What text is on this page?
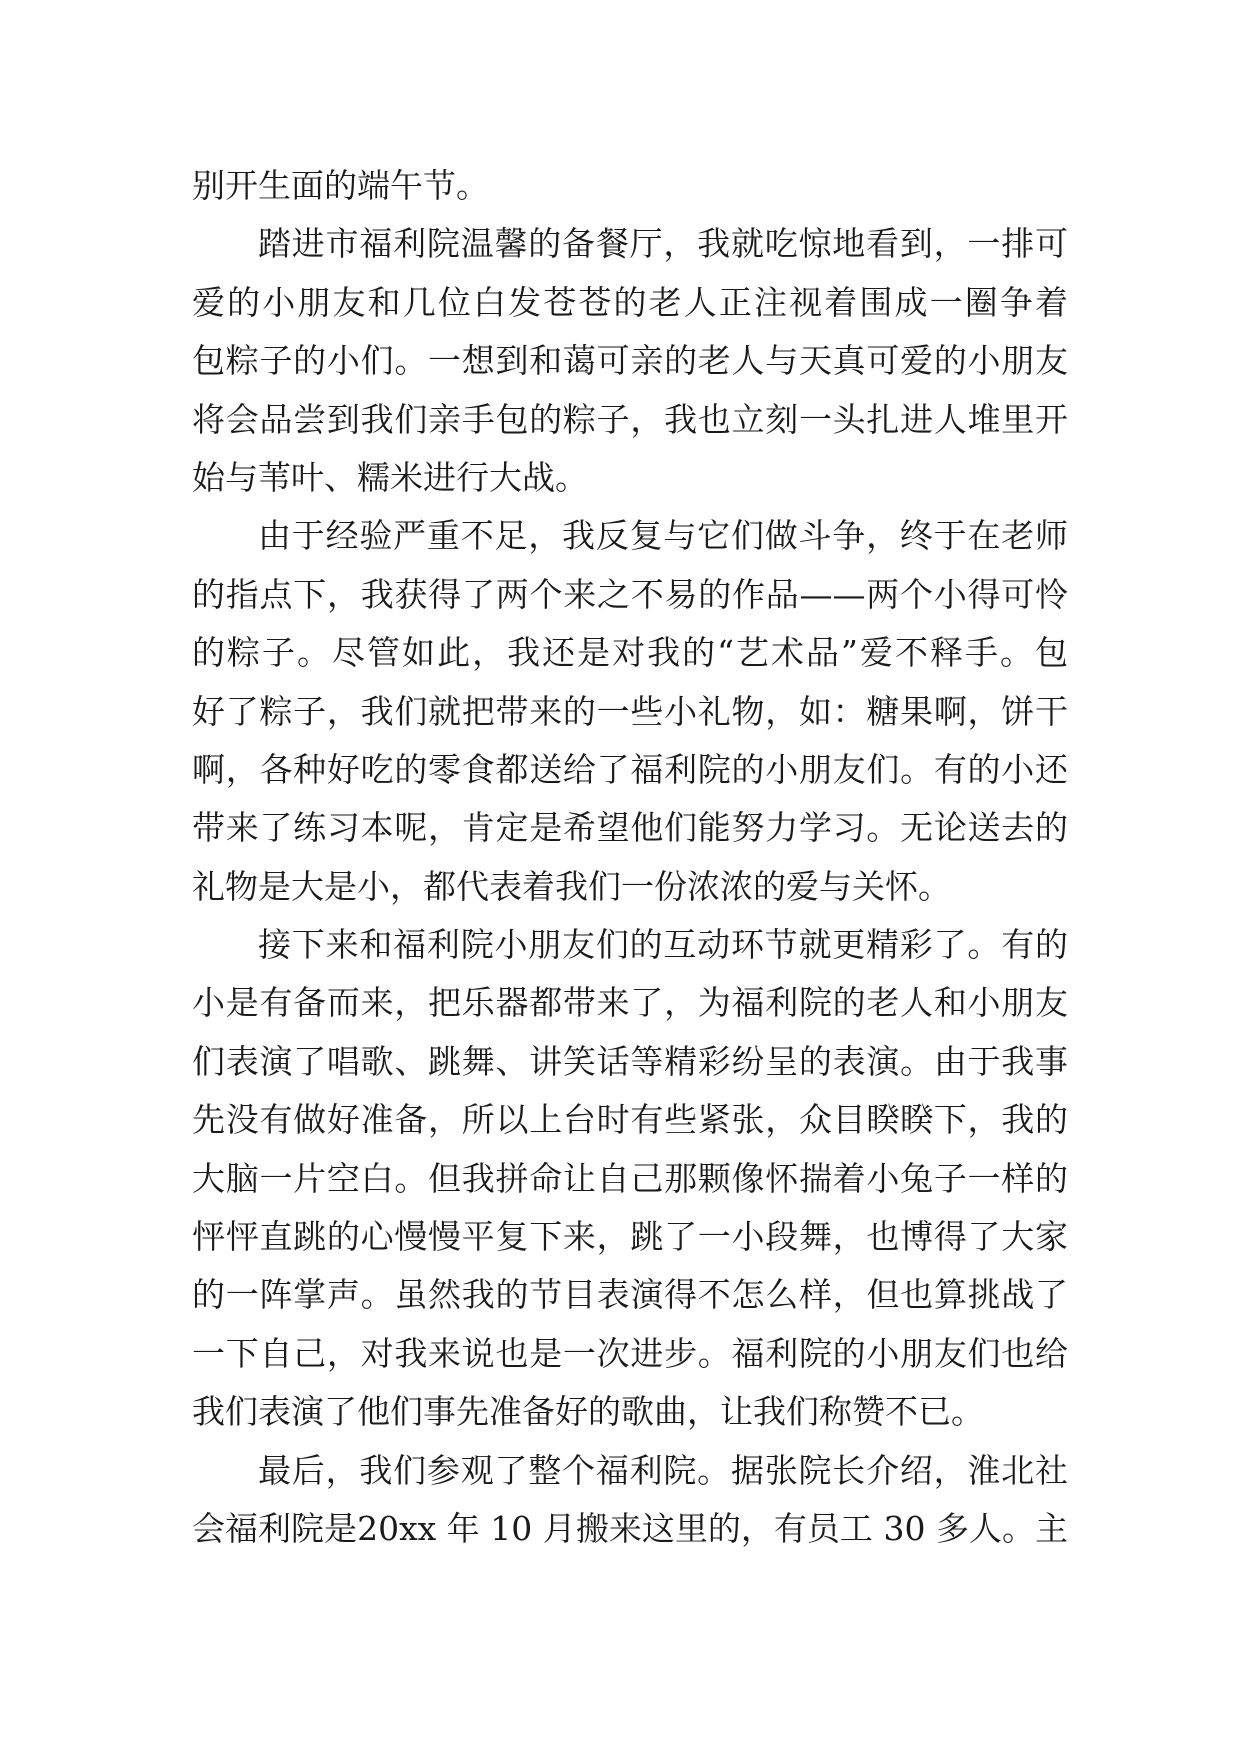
别开生面的端午节。
踏进市福利院温馨的备餐厅，我就吃惊地看到，一排可
爱的小朋友和几位白发苍苍的老人正注视着围成一圈争着
包粽子的小们。一想到和蔼可亲的老人与天真可爱的小朋友
将会品尝到我们亲手包的粽子，我也立刻一头扎进人堆里开
始与苇叶、糯米进行大战。
由于经验严重不足，我反复与它们做斗争，终于在老师
的指点下，我获得了两个来之不易的作品——两个小得可怜
的粽子。尽管如此，我还是对我的“艺术品”爱不释手。包
好了粽子，我们就把带来的一些小礼物，如：糖果啊，饼干
啊，各种好吃的零食都送给了福利院的小朋友们。有的小还
带来了练习本呢，肯定是希望他们能努力学习。无论送去的
礼物是大是小，都代表着我们一份浓浓的爱与关怀。
接下来和福利院小朋友们的互动环节就更精彩了。有的
小是有备而来，把乐器都带来了，为福利院的老人和小朋友
们表演了唱歌、跳舞、讲笑话等精彩纷呈的表演。由于我事
先没有做好准备，所以上台时有些紧张，众目睽睽下，我的
大脑一片空白。但我拼命让自己那颗像怀揣着小兔子一样的
怦怦直跳的心慢慢平复下来，跳了一小段舞，也博得了大家
的一阵掌声。虽然我的节目表演得不怎么样，但也算挑战了
一下自己，对我来说也是一次进步。福利院的小朋友们也给
我们表演了他们事先准备好的歌曲，让我们称赞不已。
最后，我们参观了整个福利院。据张院长介绍，淮北社
会福利院是20xx 年 10 月搬来这里的，有员工 30 多人。主
